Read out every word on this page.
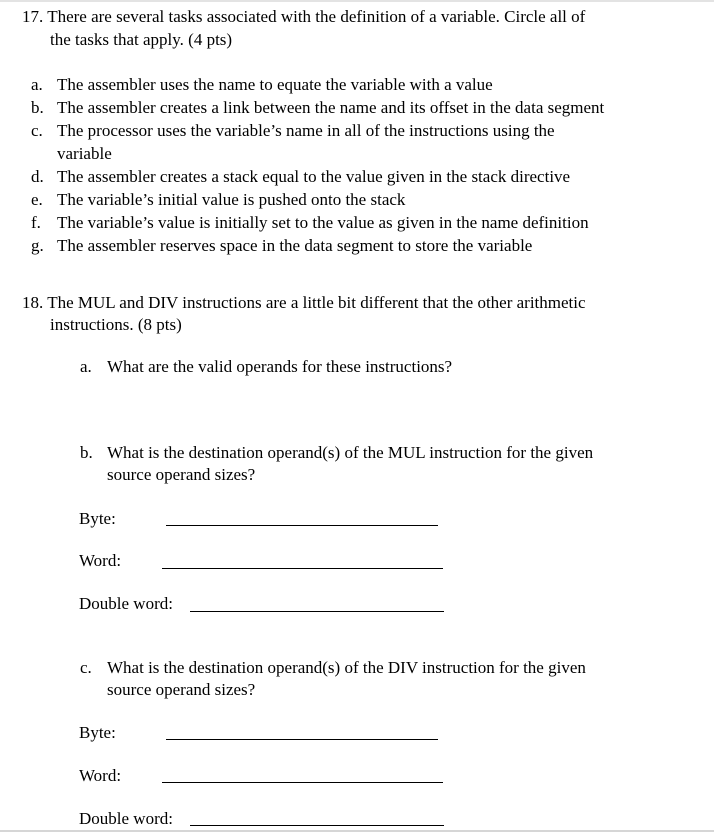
17. There are several tasks associated with the definition of a variable. Circle all of
the tasks that apply. (4 pts)
a. The assembler uses the name to equate the variable with a value
b. The assembler creates a link between the name and its offset in the data segment
c. The processor uses the variable’s name in all of the instructions using the
variable
d. The assembler creates a stack equal to the value given in the stack directive
e. The variable’s initial value is pushed onto the stack
f. The variable’s value is initially set to the value as given in the name definition
g. The assembler reserves space in the data segment to store the variable
18. The MUL and DIV instructions are a little bit different that the other arithmetic
instructions. (8 pts)
a. What are the valid operands for these instructions?
b. What is the destination operand(s) of the MUL instruction for the given
source operand sizes?
Byte:
Word:
Double word:
c. What is the destination operand(s) of the DIV instruction for the given
source operand sizes?
Byte:
Word:
Double word:
